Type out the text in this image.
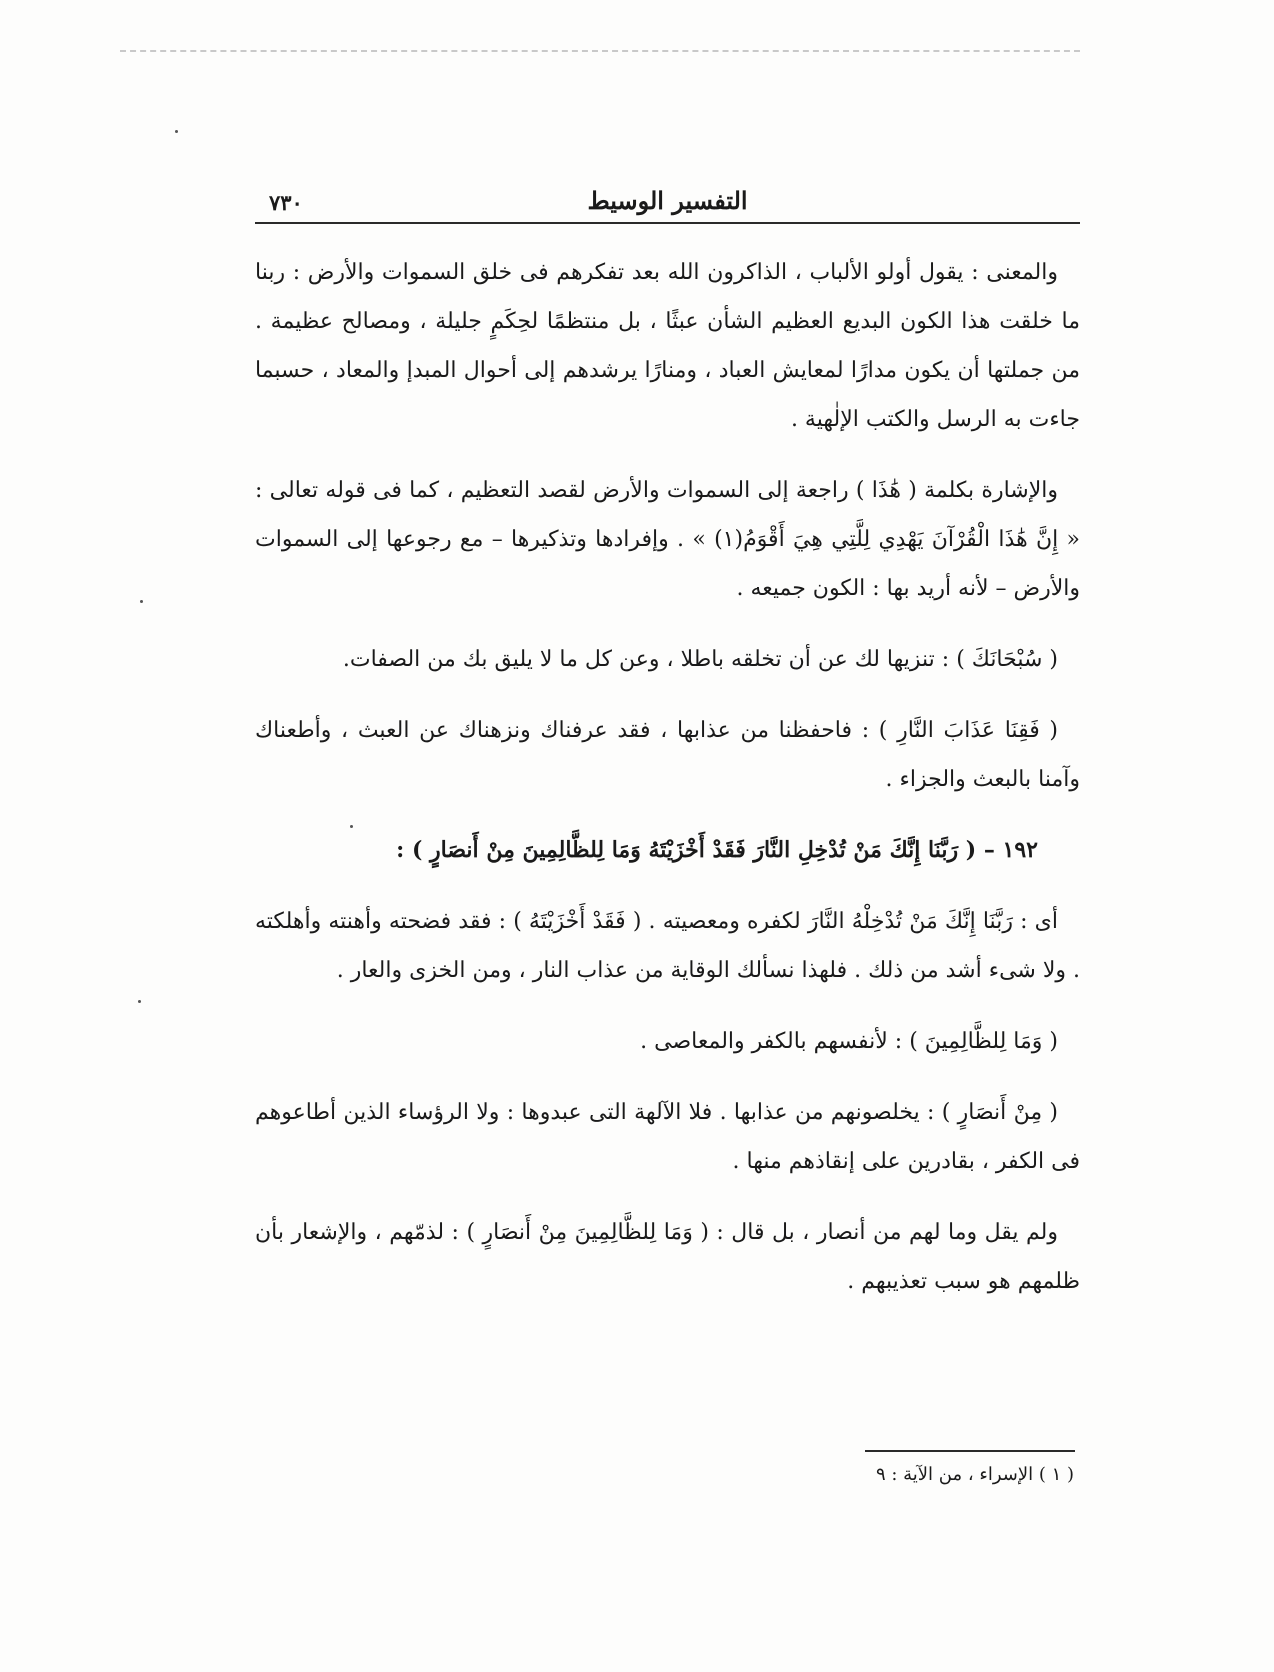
٧٣٠	التفسير الوسيط

والمعنى : يقول أولو الألباب ، الذاكرون الله بعد تفكرهم فى خلق السموات والأرض : ربنا ما خلقت هذا الكون البديع العظيم الشأن عبثًا ، بل منتظمًا لحِكَمٍ جليلة ، ومصالح عظيمة . من جملتها أن يكون مدارًا لمعايش العباد ، ومنارًا يرشدهم إلى أحوال المبدإ والمعاد ، حسبما جاءت به الرسل والكتب الإلٰهية .

والإشارة بكلمة ( هَٰذَا ) راجعة إلى السموات والأرض لقصد التعظيم ، كما فى قوله تعالى : « إِنَّ هَٰذَا الْقُرْآنَ يَهْدِي لِلَّتِي هِيَ أَقْوَمُ(١) » . وإفرادها وتذكيرها – مع رجوعها إلى السموات والأرض – لأنه أريد بها : الكون جميعه .

( سُبْحَانَكَ ) : تنزيها لك عن أن تخلقه باطلا ، وعن كل ما لا يليق بك من الصفات.

( فَقِنَا عَذَابَ النَّارِ ) : فاحفظنا من عذابها ، فقد عرفناك ونزهناك عن العبث ، وأطعناك وآمنا بالبعث والجزاء .

١٩٢ – ( رَبَّنَا إِنَّكَ مَنْ تُدْخِلِ النَّارَ فَقَدْ أَخْزَيْتَهُ وَمَا لِلظَّالِمِينَ مِنْ أَنصَارٍ ) :

أى : رَبَّنَا إِنَّكَ مَنْ تُدْخِلْهُ النَّارَ لكفره ومعصيته . ( فَقَدْ أَخْزَيْتَهُ ) : فقد فضحته وأهنته وأهلكته . ولا شىء أشد من ذلك . فلهذا نسألك الوقاية من عذاب النار ، ومن الخزى والعار .

( وَمَا لِلظَّالِمِينَ ) : لأنفسهم بالكفر والمعاصى .

( مِنْ أَنصَارٍ ) : يخلصونهم من عذابها . فلا الآلهة التى عبدوها : ولا الرؤساء الذين أطاعوهم فى الكفر ، بقادرين على إنقاذهم منها .

ولم يقل وما لهم من أنصار ، بل قال : ( وَمَا لِلظَّالِمِينَ مِنْ أَنصَارٍ ) : لذمّهم ، والإشعار بأن ظلمهم هو سبب تعذيبهم .

( ١ ) الإسراء ، من الآية : ٩
